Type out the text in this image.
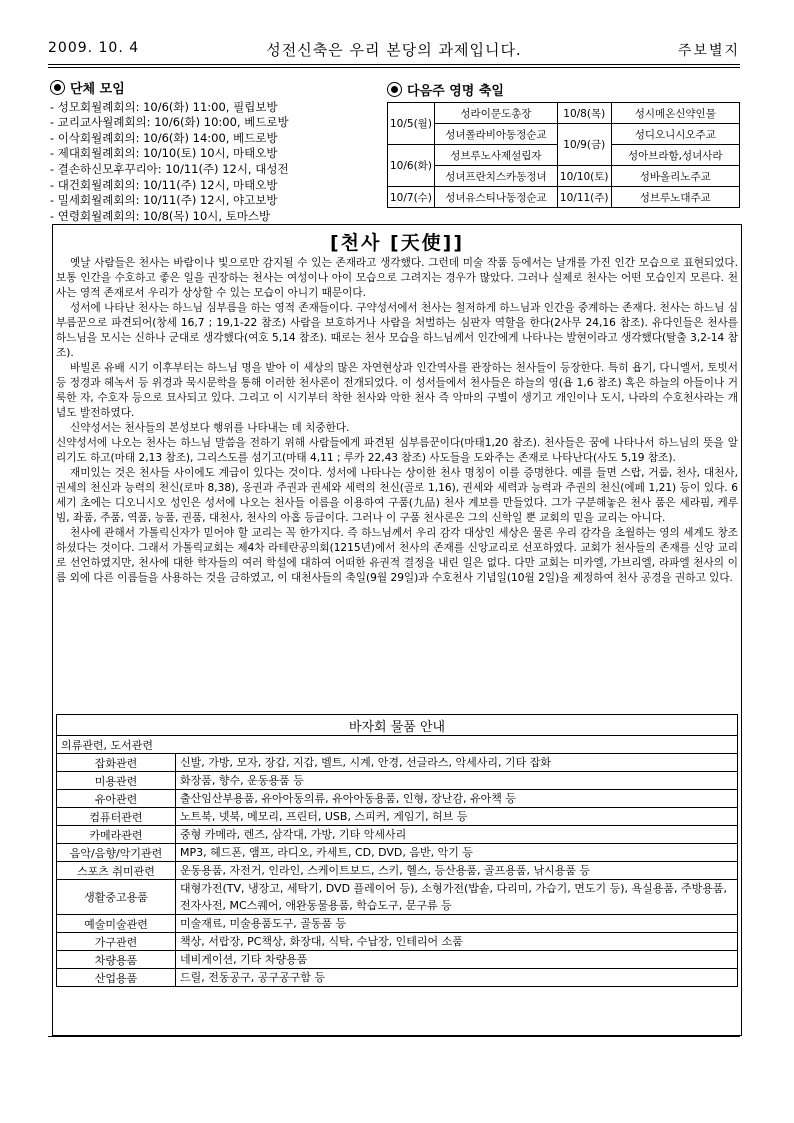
2009. 10. 4	성전신축은 우리 본당의 과제입니다.	주보별지
단체 모임
- 성모회월례회의: 10/6(화) 11:00, 필립보방
- 교리교사월례회의: 10/6(화) 10:00, 베드로방
- 이삭회월례회의: 10/6(화) 14:00, 베드로방
- 제대회월례회의: 10/10(토) 10시, 마태오방
- 결손하신모후꾸리아: 10/11(주) 12시, 대성전
- 대건회월례회의: 10/11(주) 12시, 마태오방
- 밀세회월례회의: 10/11(주) 12시, 야고보방
- 연령회월례회의: 10/8(목) 10시, 토마스방
다음주 영명 축일
10/5(월)	성라이문도총장	10/8(목)	성시메온신약인물
	성녀폴라비아동정순교	10/9(금)	성디오니시오주교
10/6(화)	성브루노사제설립자		성아브라함,성녀사라
	성녀프란치스카동정녀	10/10(토)	성바올리노주교
10/7(수)	성녀유스티나동정순교	10/11(주)	성브루노대주교
[천사 [天使]]

옛날 사람들은 천사는 바람이나 빛으로만 감지될 수 있는 존재라고 생각했다. 그런데 미술 작품 등에서는 날개를 가진 인간 모습으로 표현되었다. 보통 인간을 수호하고 좋은 일을 권장하는 천사는 여성이나 아이 모습으로 그려지는 경우가 많았다. 그러나 실제로 천사는 어떤 모습인지 모른다. 천사는 영적 존재로서 우리가 상상할 수 있는 모습이 아니기 때문이다.

성서에 나타난 천사는 하느님 심부름을 하는 영적 존재들이다. 구약성서에서 천사는 철저하게 하느님과 인간을 중계하는 존재다. 천사는 하느님 심부름꾼으로 파견되어(창세 16,7 ; 19,1-22 참조) 사람을 보호하거나 사람을 처벌하는 심판자 역할을 한다(2사무 24,16 참조). 유다인들은 천사를 하느님을 모시는 신하나 군대로 생각했다(여호 5,14 참조). 때로는 천사 모습을 하느님께서 인간에게 나타나는 발현이라고 생각했다(탈출 3,2-14 참조).

바빌론 유배 시기 이후부터는 하느님 명을 받아 이 세상의 많은 자연현상과 인간역사를 관장하는 천사들이 등장한다. 특히 욥기, 다니엘서, 토빗서 등 정경과 헤녹서 등 위경과 묵시문학을 통해 이러한 천사론이 전개되었다. 이 성서들에서 천사들은 하늘의 영(욥 1,6 참조) 혹은 하늘의 아들이나 거룩한 자, 수호자 등으로 묘사되고 있다. 그리고 이 시기부터 착한 천사와 악한 천사 즉 악마의 구별이 생기고 개인이나 도시, 나라의 수호천사라는 개념도 발전하였다.

신약성서는 천사들의 본성보다 행위를 나타내는 데 치중한다.

신약성서에 나오는 천사는 하느님 말씀을 전하기 위해 사람들에게 파견된 심부름꾼이다(마태1,20 참조). 천사들은 꿈에 나타나서 하느님의 뜻을 알리기도 하고(마태 2,13 참조), 그리스도를 섬기고(마태 4,11 ; 루카 22,43 참조) 사도들을 도와주는 존재로 나타난다(사도 5,19 참조).

재미있는 것은 천사들 사이에도 계급이 있다는 것이다. 성서에 나타나는 상이한 천사 명칭이 이를 증명한다. 예를 들면 스랍, 거룹, 천사, 대천사, 권세의 천신과 능력의 천신(로마 8,38), 옹권과 주권과 권세와 세력의 천신(골로 1,16), 권세와 세력과 능력과 주권의 천신(에페 1,21) 등이 있다. 6세기 초에는 디오니시오 성인은 성서에 나오는 천사들 이름을 이용하여 구품(九品) 천사 계보를 만들었다. 그가 구분해놓은 천사 품은 세라핌, 케루빔, 좌품, 주품, 역품, 능품, 권품, 대천사, 천사의 아홉 등급이다. 그러나 이 구품 천사론은 그의 신학일 뿐 교회의 믿을 교리는 아니다.

천사에 관해서 가톨릭신자가 믿어야 할 교리는 꼭 한가지다. 즉 하느님께서 우리 감각 대상인 세상은 물론 우리 감각을 초월하는 영의 세계도 창조하셨다는 것이다. 그래서 가톨릭교회는 제4차 라테란공의회(1215년)에서 천사의 존재를 신앙교리로 선포하였다. 교회가 천사들의 존재를 신앙 교리로 선언하였지만, 천사에 대한 학자들의 여러 학설에 대하여 어떠한 유권적 결정을 내린 일은 없다. 다만 교회는 미카엘, 가브리엘, 라파엘 천사의 이름 외에 다른 이름들을 사용하는 것을 금하였고, 이 대천사들의 축일(9월 29일)과 수호천사 기념일(10월 2일)을 제정하여 천사 공경을 권하고 있다.

바자회 물품 안내	
의류관련, 도서관련	
잡화관련	신발, 가방, 모자, 장갑, 지갑, 벨트, 시계, 안경, 선글라스, 악세사리, 기타 잡화
미용관련	화장품, 향수, 운동용품 등
유아관련	출산임산부용품, 유아아동의류, 유아아동용품, 인형, 장난감, 유아책 등
컴퓨터관련	노트북, 넷북, 메모리, 프린터, USB, 스피커, 게임기, 허브 등
카메라관련	중형 카메라, 렌즈, 삼각대, 가방, 기타 악세사리
음악/음향/악기관련	MP3, 헤드폰, 앰프, 라디오, 카세트, CD, DVD, 음반, 악기 등
스포츠 취미관련	운동용품, 자전거, 인라인, 스케이트보드, 스키, 헬스, 등산용품, 골프용품, 낚시용품 등
생활중고용품	대형가전(TV, 냉장고, 세탁기, DVD 플레이어 등), 소형가전(밥솥, 다리미, 가습기, 면도기 등), 욕실용품, 주방용품, 전자사전, MC스퀘어, 애완동물용품, 학습도구, 문구류 등
예술미술관련	미술재료, 미술용품도구, 골동품 등
가구관련	책상, 서랍장, PC책상, 화장대, 식탁, 수납장, 인테리어 소품
차량용품	네비게이션, 기타 차량용품
산업용품	드릴, 전동공구, 공구공구함 등
